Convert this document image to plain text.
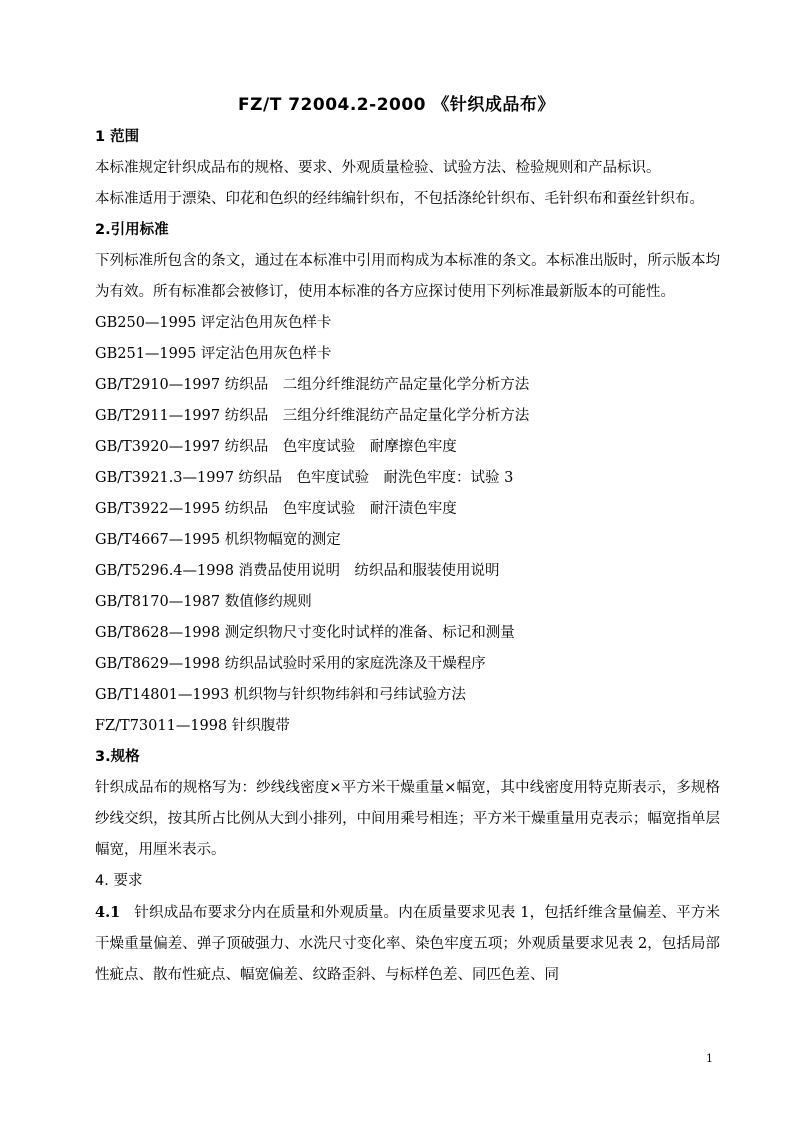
FZ/T 72004.2-2000 《针织成品布》

1 范围

本标准规定针织成品布的规格、要求、外观质量检验、试验方法、检验规则和产品标识。

本标准适用于漂染、印花和色织的经纬编针织布，不包括涤纶针织布、毛针织布和蚕丝针织布。

2.引用标准

下列标准所包含的条文，通过在本标准中引用而构成为本标准的条文。本标准出版时，所示版本均为有效。所有标准都会被修订，使用本标准的各方应探讨使用下列标准最新版本的可能性。

GB250—1995 评定沾色用灰色样卡

GB251—1995 评定沾色用灰色样卡

GB/T2910—1997 纺织品　二组分纤维混纺产品定量化学分析方法

GB/T2911—1997 纺织品　三组分纤维混纺产品定量化学分析方法

GB/T3920—1997 纺织品　色牢度试验　耐摩擦色牢度

GB/T3921.3—1997 纺织品　色牢度试验　耐洗色牢度：试验 3

GB/T3922—1995 纺织品　色牢度试验　耐汗渍色牢度

GB/T4667—1995 机织物幅宽的测定

GB/T5296.4—1998 消费品使用说明　纺织品和服装使用说明

GB/T8170—1987 数值修约规则

GB/T8628—1998 测定织物尺寸变化时试样的准备、标记和测量

GB/T8629—1998 纺织品试验时采用的家庭洗涤及干燥程序

GB/T14801—1993 机织物与针织物纬斜和弓纬试验方法

FZ/T73011—1998 针织腹带

3.规格

针织成品布的规格写为：纱线线密度×平方米干燥重量×幅宽，其中线密度用特克斯表示，多规格纱线交织，按其所占比例从大到小排列，中间用乘号相连；平方米干燥重量用克表示；幅宽指单层幅宽，用厘米表示。

4. 要求

4.1 针织成品布要求分内在质量和外观质量。内在质量要求见表 1，包括纤维含量偏差、平方米干燥重量偏差、弹子顶破强力、水洗尺寸变化率、染色牢度五项；外观质量要求见表 2，包括局部性疵点、散布性疵点、幅宽偏差、纹路歪斜、与标样色差、同匹色差、同

1
